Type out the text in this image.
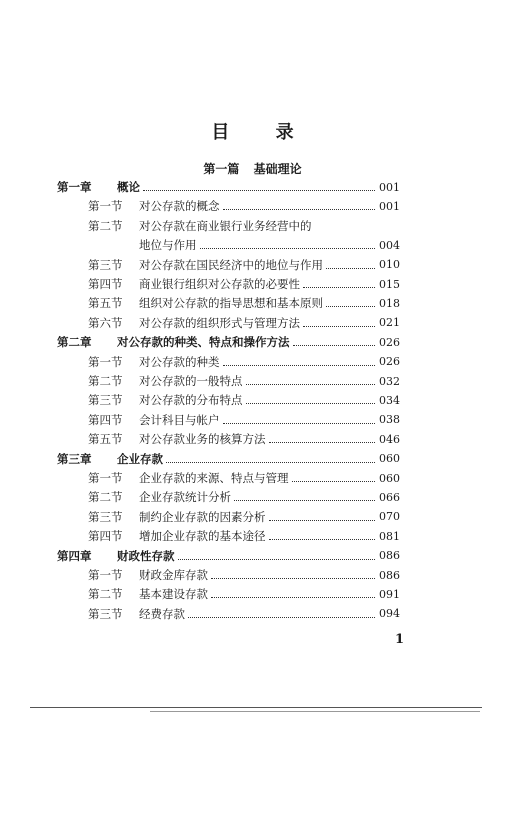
目 录
第一篇 基础理论
第一章	概论	001
第一节	对公存款的概念	001
第二节	对公存款在商业银行业务经营中的
地位与作用	004
第三节	对公存款在国民经济中的地位与作用	010
第四节	商业银行组织对公存款的必要性	015
第五节	组织对公存款的指导思想和基本原则	018
第六节	对公存款的组织形式与管理方法	021
第二章	对公存款的种类、特点和操作方法	026
第一节	对公存款的种类	026
第二节	对公存款的一般特点	032
第三节	对公存款的分布特点	034
第四节	会计科目与帐户	038
第五节	对公存款业务的核算方法	046
第三章	企业存款	060
第一节	企业存款的来源、特点与管理	060
第二节	企业存款统计分析	066
第三节	制约企业存款的因素分析	070
第四节	增加企业存款的基本途径	081
第四章	财政性存款	086
第一节	财政金库存款	086
第二节	基本建设存款	091
第三节	经费存款	094
1
